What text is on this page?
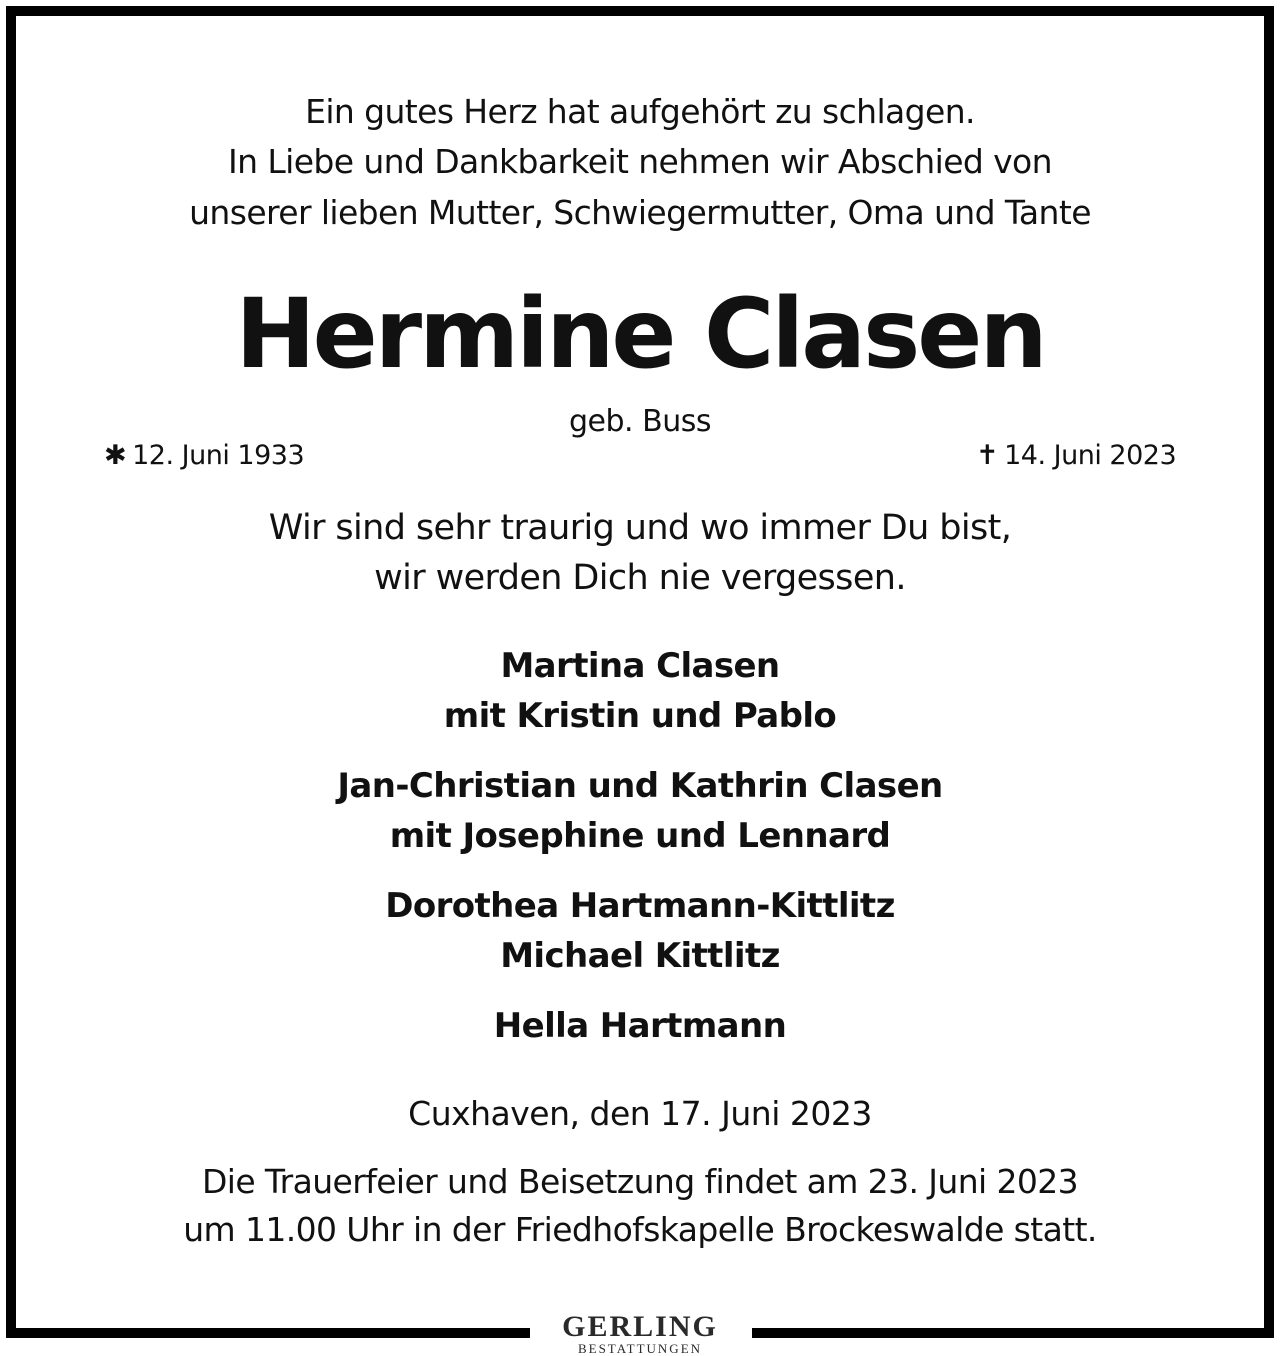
Ein gutes Herz hat aufgehört zu schlagen.
In Liebe und Dankbarkeit nehmen wir Abschied von
unserer lieben Mutter, Schwiegermutter, Oma und Tante
Hermine Clasen
geb. Buss
✱ 12. Juni 1933	✝ 14. Juni 2023
Wir sind sehr traurig und wo immer Du bist,
wir werden Dich nie vergessen.
Martina Clasen
mit Kristin und Pablo
Jan-Christian und Kathrin Clasen
mit Josephine und Lennard
Dorothea Hartmann-Kittlitz
Michael Kittlitz
Hella Hartmann
Cuxhaven, den 17. Juni 2023
Die Trauerfeier und Beisetzung findet am 23. Juni 2023
um 11.00 Uhr in der Friedhofskapelle Brockeswalde statt.
GERLING
BESTATTUNGEN
